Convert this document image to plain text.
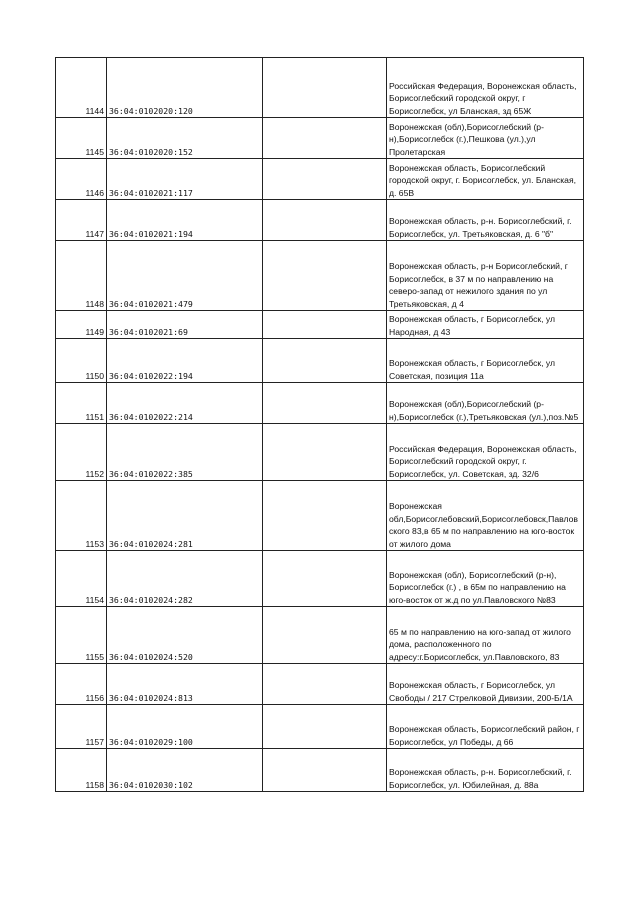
1144	36:04:0102020:120		Российская Федерация, Воронежская область, Борисоглебский городской округ, г Борисоглебск, ул Бланская, зд 65Ж
1145	36:04:0102020:152		Воронежская (обл),Борисоглебский (р-н),Борисоглебск (г.),Пешкова (ул.),ул Пролетарская
1146	36:04:0102021:117		Воронежская область, Борисоглебский городской округ, г. Борисоглебск, ул. Бланская, д. 65В
1147	36:04:0102021:194		Воронежская область, р-н. Борисоглебский, г. Борисоглебск, ул. Третьяковская, д. 6 "б"
1148	36:04:0102021:479		Воронежская область, р-н Борисоглебский, г Борисоглебск, в 37 м по направлению на северо-запад от нежилого здания по ул Третьяковская, д 4
1149	36:04:0102021:69		Воронежская область, г Борисоглебск, ул Народная, д 43
1150	36:04:0102022:194		Воронежская область, г Борисоглебск, ул Советская, позиция 11а
1151	36:04:0102022:214		Воронежская (обл),Борисоглебский (р-н),Борисоглебск (г.),Третьяковская (ул.),поз.№5
1152	36:04:0102022:385		Российская Федерация, Воронежская область, Борисоглебский городской округ, г. Борисоглебск, ул. Советская, зд. 32/6
1153	36:04:0102024:281		Воронежская обл,Борисоглебовский,Борисоглебовск,Павловского 83,в 65 м по направлению на юго-восток от жилого дома
1154	36:04:0102024:282		Воронежская (обл), Борисоглебский (р-н), Борисоглебск (г.) , в 65м по направлению на юго-восток от ж.д по ул.Павловского №83
1155	36:04:0102024:520		65 м по направлению на юго-запад от жилого дома, расположенного по адресу:г.Борисоглебск, ул.Павловского, 83
1156	36:04:0102024:813		Воронежская область, г Борисоглебск, ул Свободы / 217 Стрелковой Дивизии, 200-Б/1А
1157	36:04:0102029:100		Воронежская область, Борисоглебский район, г Борисоглебск, ул Победы, д 66
1158	36:04:0102030:102		Воронежская область, р-н. Борисоглебский, г. Борисоглебск, ул. Юбилейная, д. 88а
